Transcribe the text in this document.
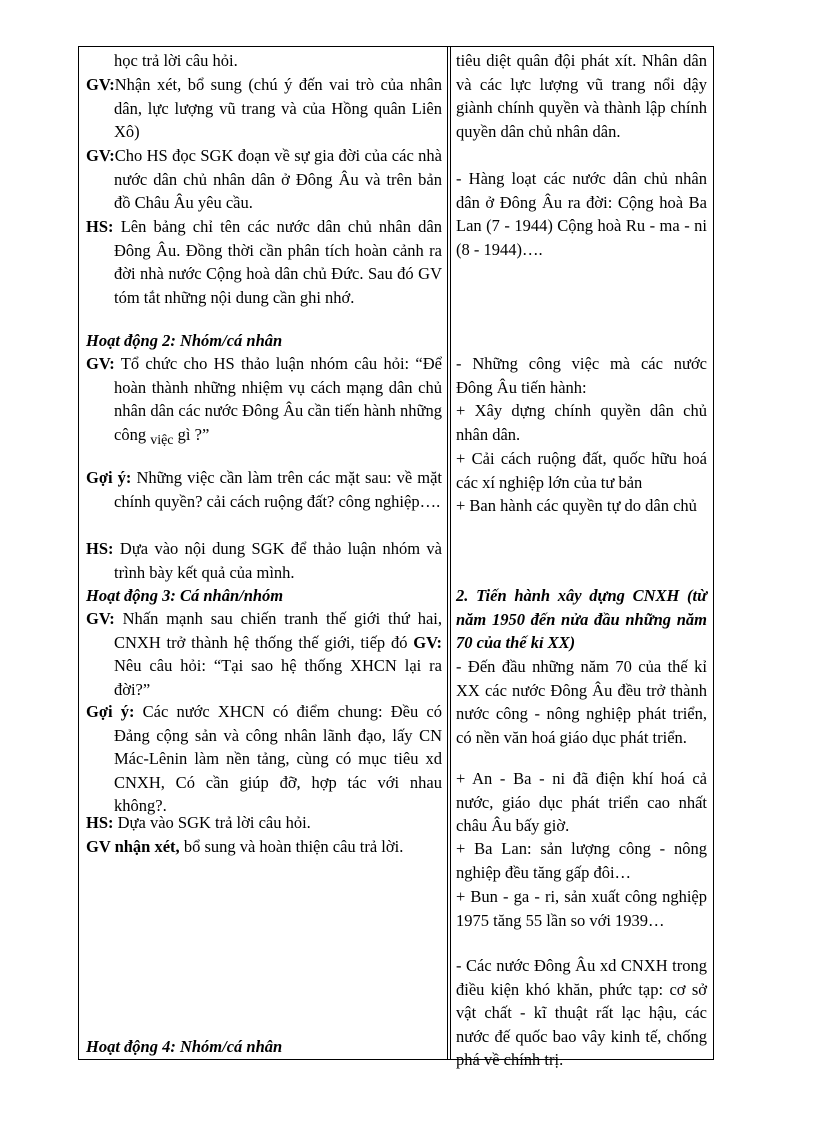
học trả lời câu hỏi.
GV:Nhận xét, bổ sung (chú ý đến vai trò của nhân dân, lực lượng vũ trang và của Hồng quân Liên Xô)
GV:Cho HS đọc SGK đoạn về sự gia đời của các nhà nước dân chủ nhân dân ở Đông Âu và trên bản đồ Châu Âu yêu cầu.
HS: Lên bảng chỉ tên các nước dân chủ nhân dân Đông Âu. Đồng thời cần phân tích hoàn cảnh ra đời nhà nước Cộng hoà dân chủ Đức. Sau đó GV tóm tắt những nội dung cần ghi nhớ.
Hoạt động 2: Nhóm/cá nhân
GV: Tổ chức cho HS thảo luận nhóm câu hỏi: “Để hoàn thành những nhiệm vụ cách mạng dân chủ nhân dân các nước Đông Âu cần tiến hành những công $_{việc}$ gì ?”
Gợi ý: Những việc cần làm trên các mặt sau: về mặt chính quyền? cải cách ruộng đất? công nghiệp….
HS: Dựa vào nội dung SGK để thảo luận nhóm và trình bày kết quả của mình.
Hoạt động 3: Cá nhân/nhóm
GV: Nhấn mạnh sau chiến tranh thế giới thứ hai, CNXH trở thành hệ thống thế giới, tiếp đó GV: Nêu câu hỏi: “Tại sao hệ thống XHCN lại ra đời?”
Gợi ý: Các nước XHCN có điểm chung: Đều có Đảng cộng sản và công nhân lãnh đạo, lấy CN Mác-Lênin làm nền tảng, cùng có mục tiêu xd CNXH, Có cần giúp đỡ, hợp tác với nhau không?.
HS: Dựa vào SGK trả lời câu hỏi.
GV nhận xét, bổ sung và hoàn thiện câu trả lời.
Hoạt động 4: Nhóm/cá nhân
tiêu diệt quân đội phát xít. Nhân dân và các lực lượng vũ trang nổi dậy giành chính quyền và thành lập chính quyền dân chủ nhân dân.
- Hàng loạt các nước dân chủ nhân dân ở Đông Âu ra đời: Cộng hoà Ba Lan (7 - 1944) Cộng hoà Ru - ma - ni (8 - 1944)….
- Những công việc mà các nước Đông Âu tiến hành:
+ Xây dựng chính quyền dân chủ nhân dân.
+ Cải cách ruộng đất, quốc hữu hoá các xí nghiệp lớn của tư bản
+ Ban hành các quyền tự do dân chủ
2. Tiến hành xây dựng CNXH (từ năm 1950 đến nửa đầu những năm 70 của thế kỉ XX)
- Đến đầu những năm 70 của thế kỉ XX các nước Đông Âu đều trở thành nước công - nông nghiệp phát triển, có nền văn hoá giáo dục phát triển.
+ An - Ba - ni đã điện khí hoá cả nước, giáo dục phát triển cao nhất châu Âu bấy giờ.
+ Ba Lan: sản lượng công - nông nghiệp đều tăng gấp đôi…
+ Bun - ga - ri, sản xuất công nghiệp 1975 tăng 55 lần so với 1939…
- Các nước Đông Âu xd CNXH trong điều kiện khó khăn, phức tạp: cơ sở vật chất - kĩ thuật rất lạc hậu, các nước đế quốc bao vây kinh tế, chống phá về chính trị.
